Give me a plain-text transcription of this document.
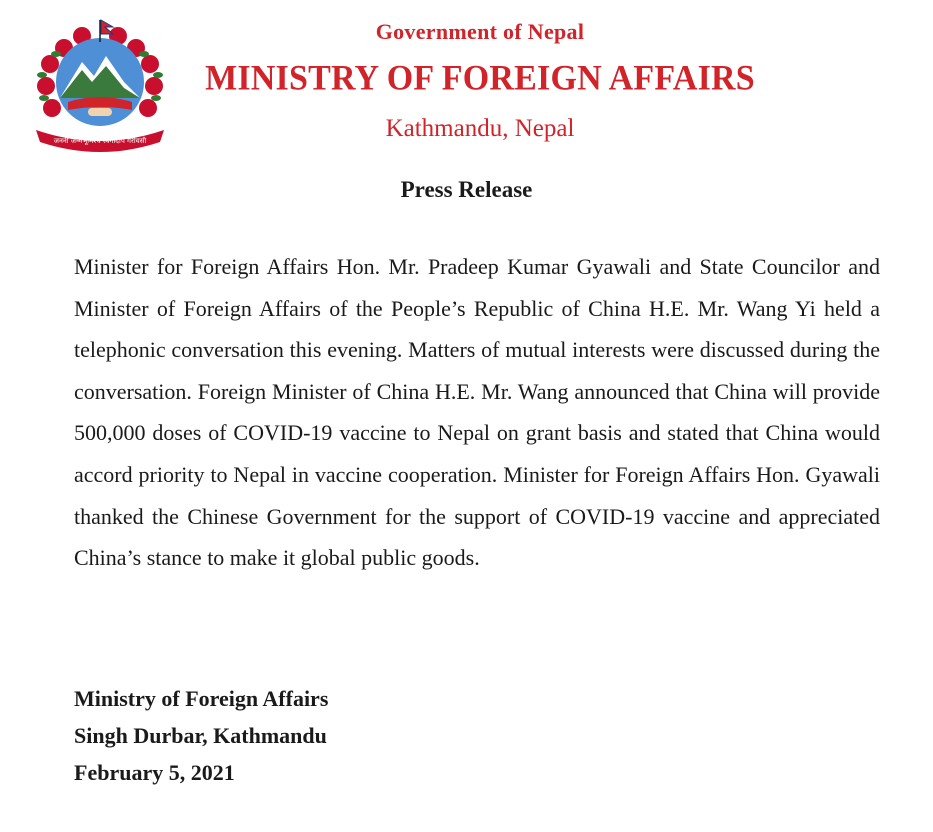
जननी जन्मभूमिश्च स्वर्गादपि गरीयसी
Government of Nepal
MINISTRY OF FOREIGN AFFAIRS
Kathmandu, Nepal
Press Release

Minister for Foreign Affairs Hon. Mr. Pradeep Kumar Gyawali and State Councilor and Minister of Foreign Affairs of the People’s Republic of China H.E. Mr. Wang Yi held a telephonic conversation this evening. Matters of mutual interests were discussed during the conversation. Foreign Minister of China H.E. Mr. Wang announced that China will provide 500,000 doses of COVID-19 vaccine to Nepal on grant basis and stated that China would accord priority to Nepal in vaccine cooperation. Minister for Foreign Affairs Hon. Gyawali thanked the Chinese Government for the support of COVID-19 vaccine and appreciated China’s stance to make it global public goods.

Ministry of Foreign Affairs
Singh Durbar, Kathmandu
February 5, 2021
